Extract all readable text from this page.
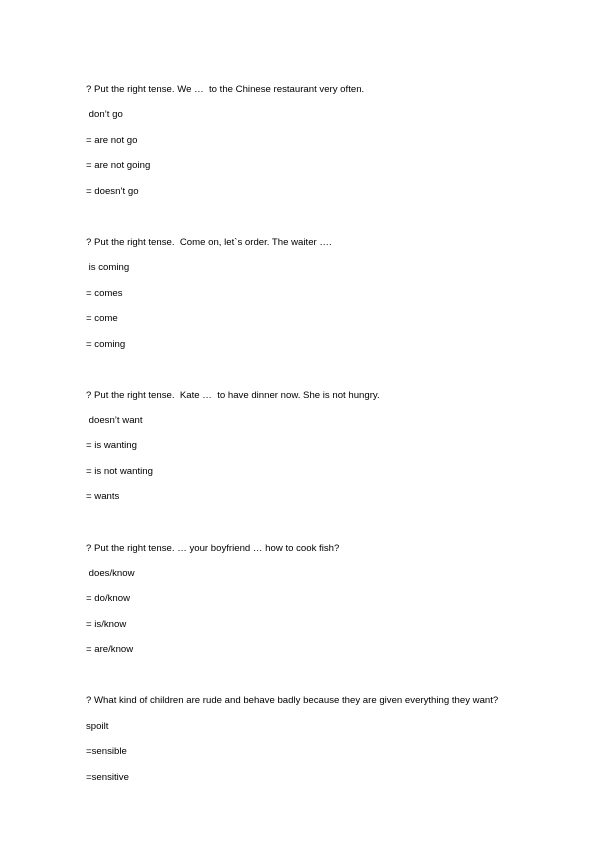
? Put the right tense. We …  to the Chinese restaurant very often.
don’t go
= are not go
= are not going
= doesn’t go
? Put the right tense.  Come on, let`s order. The waiter ….
is coming
= comes
= come
= coming
? Put the right tense.  Kate …  to have dinner now. She is not hungry.
doesn’t want
= is wanting
= is not wanting
= wants
? Put the right tense. … your boyfriend … how to cook fish?
does/know
= do/know
= is/know
= are/know
? What kind of children are rude and behave badly because they are given everything they want?
spoilt
=sensible
=sensitive
